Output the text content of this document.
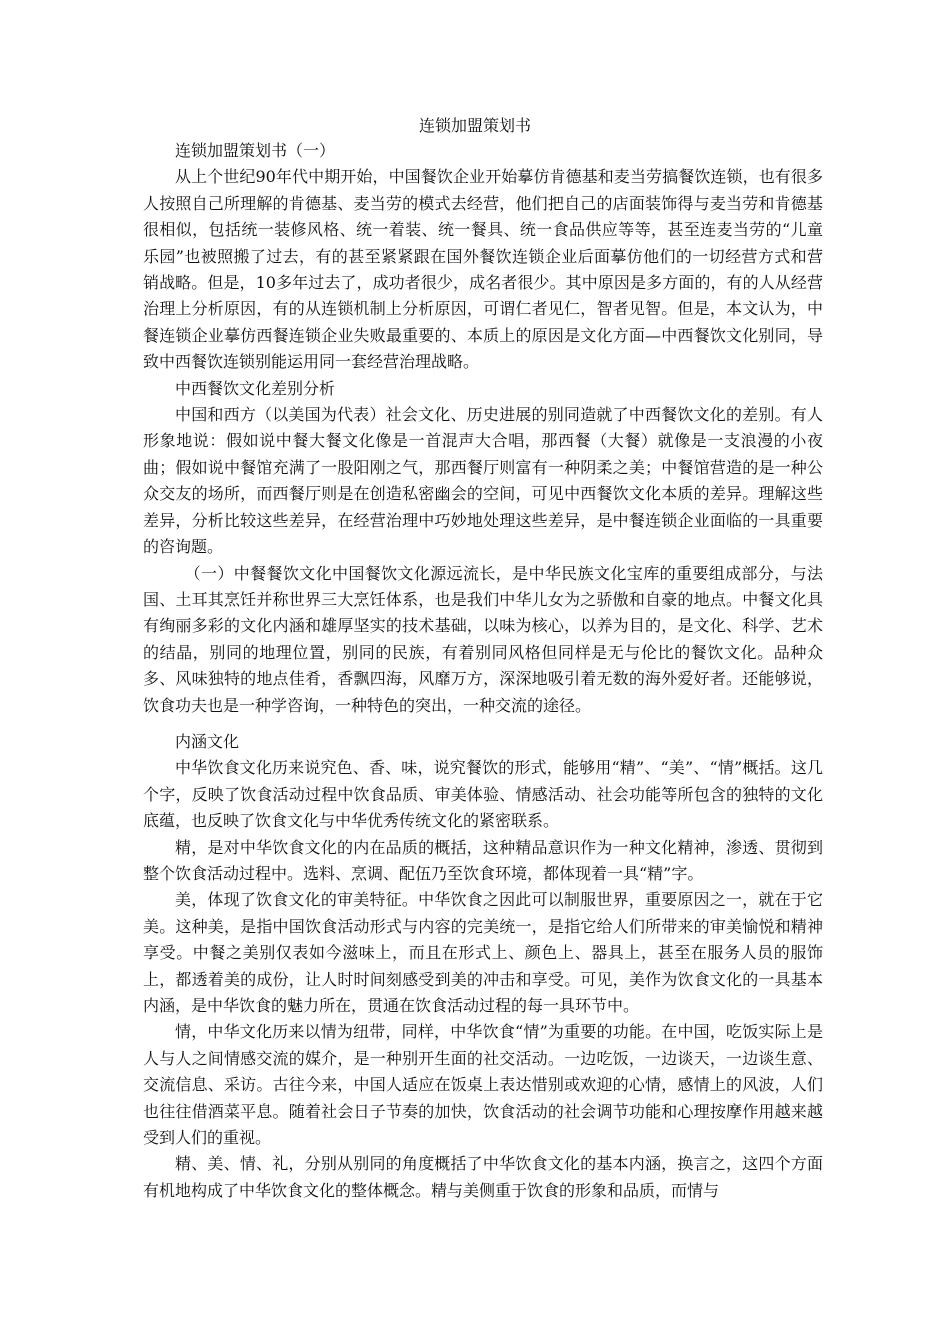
连锁加盟策划书

连锁加盟策划书（一）

从上个世纪90年代中期开始，中国餐饮企业开始摹仿肯德基和麦当劳搞餐饮连锁，也有很多人按照自己所理解的肯德基、麦当劳的模式去经营，他们把自己的店面装饰得与麦当劳和肯德基很相似，包括统一装修风格、统一着装、统一餐具、统一食品供应等等，甚至连麦当劳的“儿童乐园”也被照搬了过去，有的甚至紧紧跟在国外餐饮连锁企业后面摹仿他们的一切经营方式和营销战略。但是，10多年过去了，成功者很少，成名者很少。其中原因是多方面的，有的人从经营治理上分析原因，有的从连锁机制上分析原因，可谓仁者见仁，智者见智。但是，本文认为，中餐连锁企业摹仿西餐连锁企业失败最重要的、本质上的原因是文化方面—中西餐饮文化别同，导致中西餐饮连锁别能运用同一套经营治理战略。

中西餐饮文化差别分析

中国和西方（以美国为代表）社会文化、历史进展的别同造就了中西餐饮文化的差别。有人形象地说：假如说中餐大餐文化像是一首混声大合唱，那西餐（大餐）就像是一支浪漫的小夜曲；假如说中餐馆充满了一股阳刚之气，那西餐厅则富有一种阴柔之美；中餐馆营造的是一种公众交友的场所，而西餐厅则是在创造私密幽会的空间，可见中西餐饮文化本质的差异。理解这些差异，分析比较这些差异，在经营治理中巧妙地处理这些差异，是中餐连锁企业面临的一具重要的咨询题。

（一）中餐餐饮文化中国餐饮文化源远流长，是中华民族文化宝库的重要组成部分，与法国、土耳其烹饪并称世界三大烹饪体系，也是我们中华儿女为之骄傲和自豪的地点。中餐文化具有绚丽多彩的文化内涵和雄厚坚实的技术基础，以味为核心，以养为目的，是文化、科学、艺术的结晶，别同的地理位置，别同的民族，有着别同风格但同样是无与伦比的餐饮文化。品种众多、风味独特的地点佳肴，香飘四海，风靡万方，深深地吸引着无数的海外爱好者。还能够说，饮食功夫也是一种学咨询，一种特色的突出，一种交流的途径。

内涵文化

中华饮食文化历来说究色、香、味，说究餐饮的形式，能够用“精”、“美”、“情”概括。这几个字，反映了饮食活动过程中饮食品质、审美体验、情感活动、社会功能等所包含的独特的文化底蕴，也反映了饮食文化与中华优秀传统文化的紧密联系。

精，是对中华饮食文化的内在品质的概括，这种精品意识作为一种文化精神，渗透、贯彻到整个饮食活动过程中。选料、烹调、配伍乃至饮食环境，都体现着一具“精”字。

美，体现了饮食文化的审美特征。中华饮食之因此可以制服世界，重要原因之一，就在于它美。这种美，是指中国饮食活动形式与内容的完美统一，是指它给人们所带来的审美愉悦和精神享受。中餐之美别仅表如今滋味上，而且在形式上、颜色上、器具上，甚至在服务人员的服饰上，都透着美的成份，让人时时间刻感受到美的冲击和享受。可见，美作为饮食文化的一具基本内涵，是中华饮食的魅力所在，贯通在饮食活动过程的每一具环节中。

情，中华文化历来以情为纽带，同样，中华饮食“情”为重要的功能。在中国，吃饭实际上是人与人之间情感交流的媒介，是一种别开生面的社交活动。一边吃饭，一边谈天，一边谈生意、交流信息、采访。古往今来，中国人适应在饭桌上表达惜别或欢迎的心情，感情上的风波，人们也往往借酒菜平息。随着社会日子节奏的加快，饮食活动的社会调节功能和心理按摩作用越来越受到人们的重视。

精、美、情、礼，分别从别同的角度概括了中华饮食文化的基本内涵，换言之，这四个方面有机地构成了中华饮食文化的整体概念。精与美侧重于饮食的形象和品质，而情与
